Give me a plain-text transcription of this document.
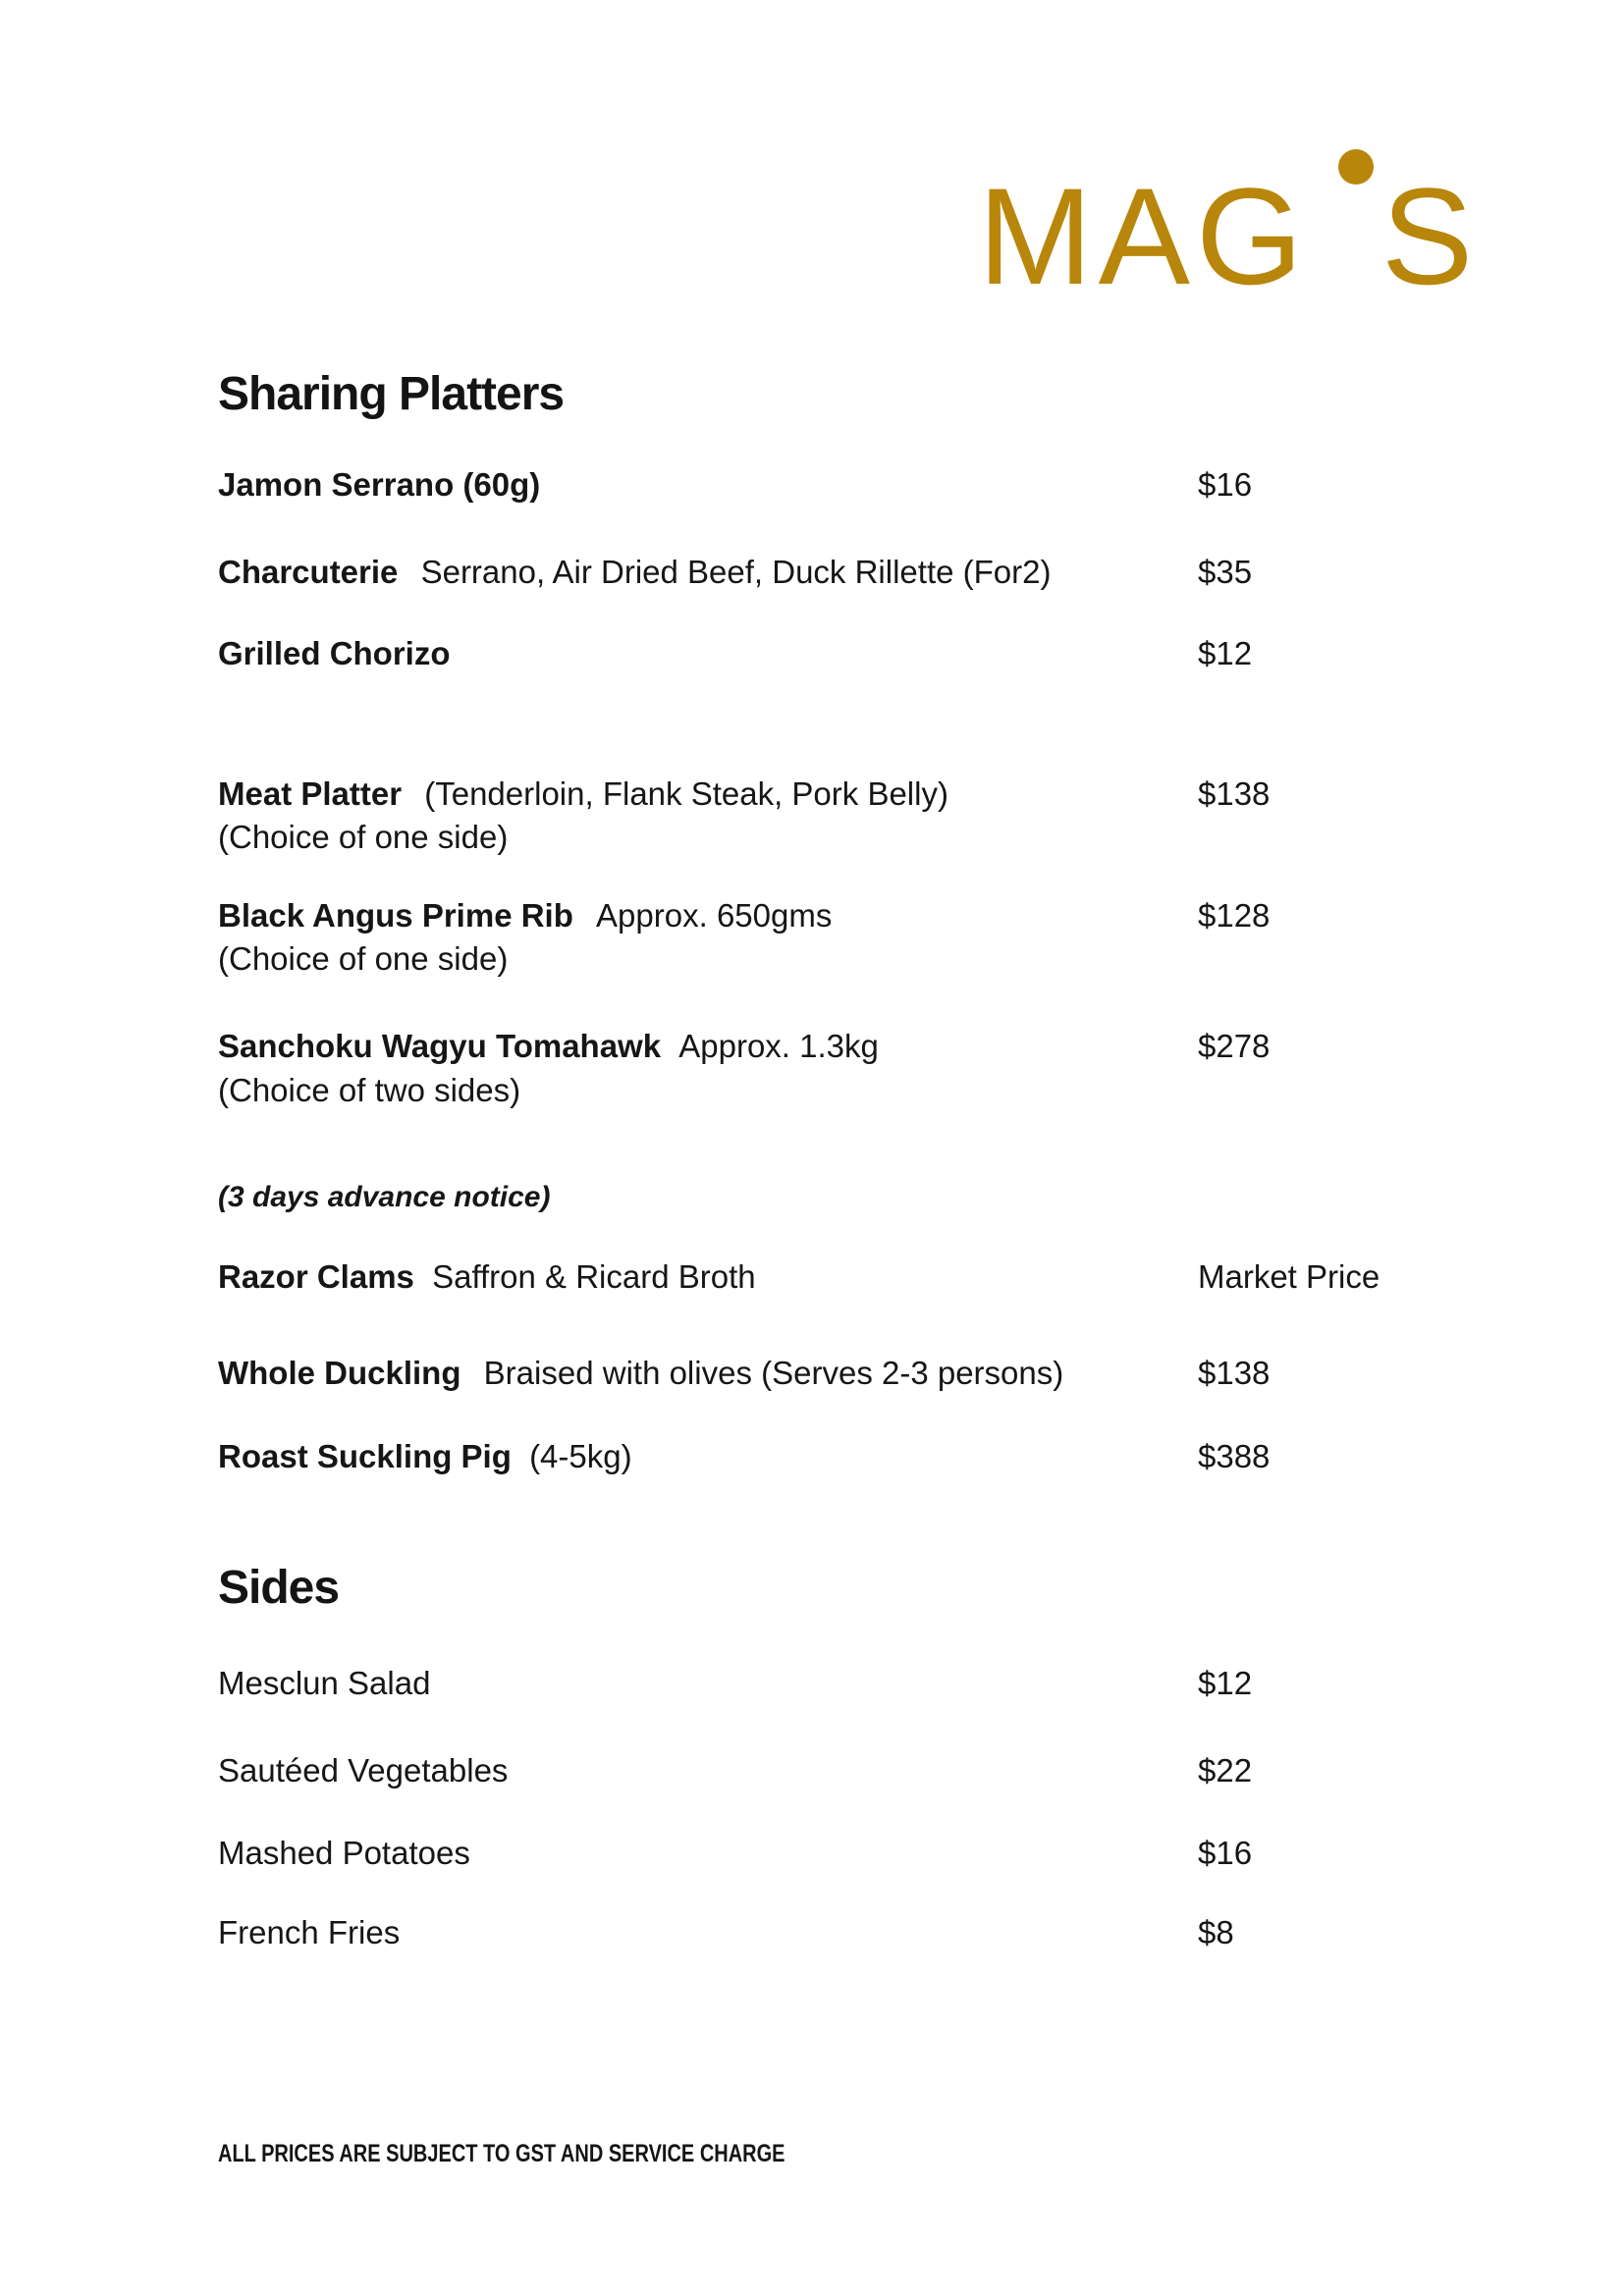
MAG S
Sharing Platters
Jamon Serrano (60g)	$16
Charcuterie Serrano, Air Dried Beef, Duck Rillette (For2)	$35
Grilled Chorizo	$12
Meat Platter (Tenderloin, Flank Steak, Pork Belly)	$138
(Choice of one side)
Black Angus Prime Rib Approx. 650gms	$128
(Choice of one side)
Sanchoku Wagyu Tomahawk Approx. 1.3kg	$278
(Choice of two sides)
(3 days advance notice)
Razor Clams Saffron & Ricard Broth	Market Price
Whole Duckling Braised with olives (Serves 2-3 persons)	$138
Roast Suckling Pig (4-5kg)	$388
Sides
Mesclun Salad	$12
Sautéed Vegetables	$22
Mashed Potatoes	$16
French Fries	$8
ALL PRICES ARE SUBJECT TO GST AND SERVICE CHARGE
